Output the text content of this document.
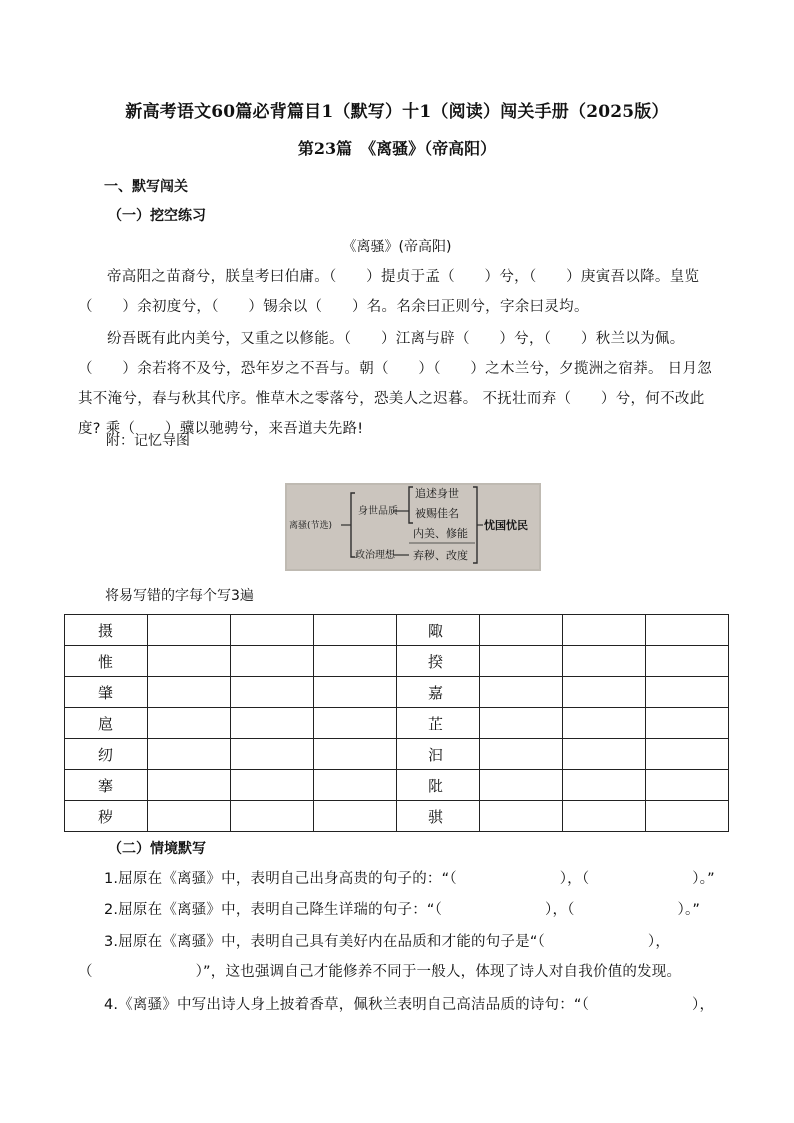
新高考语文60篇必背篇目1（默写）十1（阅读）闯关手册（2025版）
第23篇　《离骚》（帝高阳）
一、默写闯关
（一）挖空练习
《离骚》(帝高阳)

帝高阳之苗裔兮，朕皇考曰伯庸。（　　）提贞于孟（　　）兮，（　　）庚寅吾以降。皇览（　　）余初度兮，（　　）锡余以（　　）名。名余曰正则兮，字余曰灵均。

纷吾既有此内美兮，又重之以修能。（　　）江离与辟（　　）兮，（　　）秋兰以为佩。（　　）余若将不及兮，恐年岁之不吾与。朝（　　）（　　）之木兰兮，夕揽洲之宿莽。 日月忽其不淹兮，春与秋其代序。惟草木之零落兮，恐美人之迟暮。 不抚壮而弃（　　）兮，何不改此度? 乘（　　）骥以驰骋兮，来吾道夫先路!

附：记忆导图
离骚(节选)
身世品质
政治理想
追述身世
被赐佳名
内美、修能
弃秽、改度
忧国忧民
将易写错的字每个写3遍
摄				陬			
惟				揆			
肇				嘉			
扈				芷			
纫				汩			
搴				阰			
秽				骐			
（二）情境默写

1.屈原在《离骚》中，表明自己出身高贵的句子的：“（　　　　　　　），（　　　　　　　）。”

2.屈原在《离骚》中，表明自己降生详瑞的句子：“（　　　　　　　），（　　　　　　　）。”

3.屈原在《离骚》中，表明自己具有美好内在品质和才能的句子是“（　　　　　　　），（　　　　　　　）”，这也强调自己才能修养不同于一般人，体现了诗人对自我价值的发现。

4.《离骚》中写出诗人身上披着香草，佩秋兰表明自己高洁品质的诗句：“（　　　　　　　），
